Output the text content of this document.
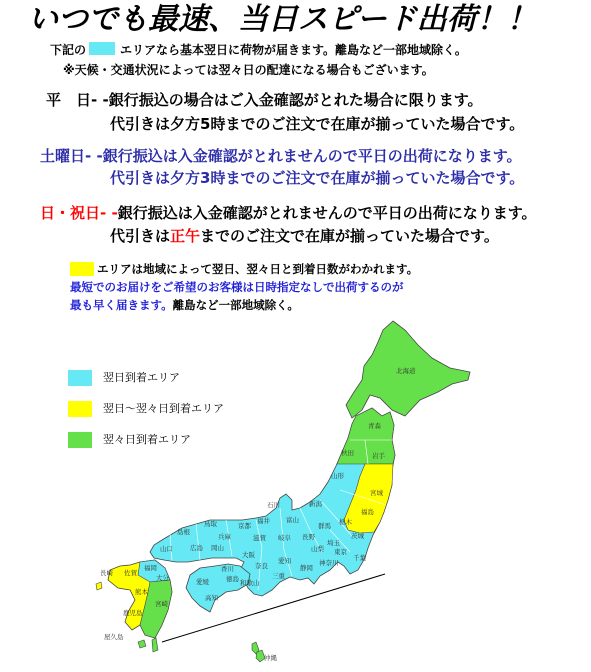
いつでも最速、当日スピード出荷！！
下記の	エリアなら基本翌日に荷物が届きます。離島など一部地域除く。
※天候・交通状況によっては翌々日の配達になる場合もございます。
平　日- -銀行振込の場合はご入金確認がとれた場合に限ります。
代引きは夕方5時までのご注文で在庫が揃っていた場合です。
土曜日- -銀行振込は入金確認がとれませんので平日の出荷になります。
代引きは夕方3時までのご注文で在庫が揃っていた場合です。
日・祝日- -銀行振込は入金確認がとれませんので平日の出荷になります。
代引きは正午までのご注文で在庫が揃っていた場合です。
エリアは地域によって翌日、翌々日と到着日数がわかれます。
最短でのお届けをご希望のお客様は日時指定なしで出荷するのが
最も早く届きます。離島など一部地域除く。
北海道
青森
秋田	岩手
山形
宮城
新潟
福島
石川
富山
福井	栃木
群馬
長野	茨城
岐阜
埼玉
山梨 東京
千葉
神奈川
静岡
愛知
滋賀
京都
兵庫
鳥取
島根
岡山
広島
山口
大阪
奈良
三重
和歌山
香川
徳島
愛媛
高知
福岡
佐賀
長崎
大分
熊本
宮崎
鹿児島
屋久島
沖縄
翌日到着エリア
翌日～翌々日到着エリア
翌々日到着エリア
